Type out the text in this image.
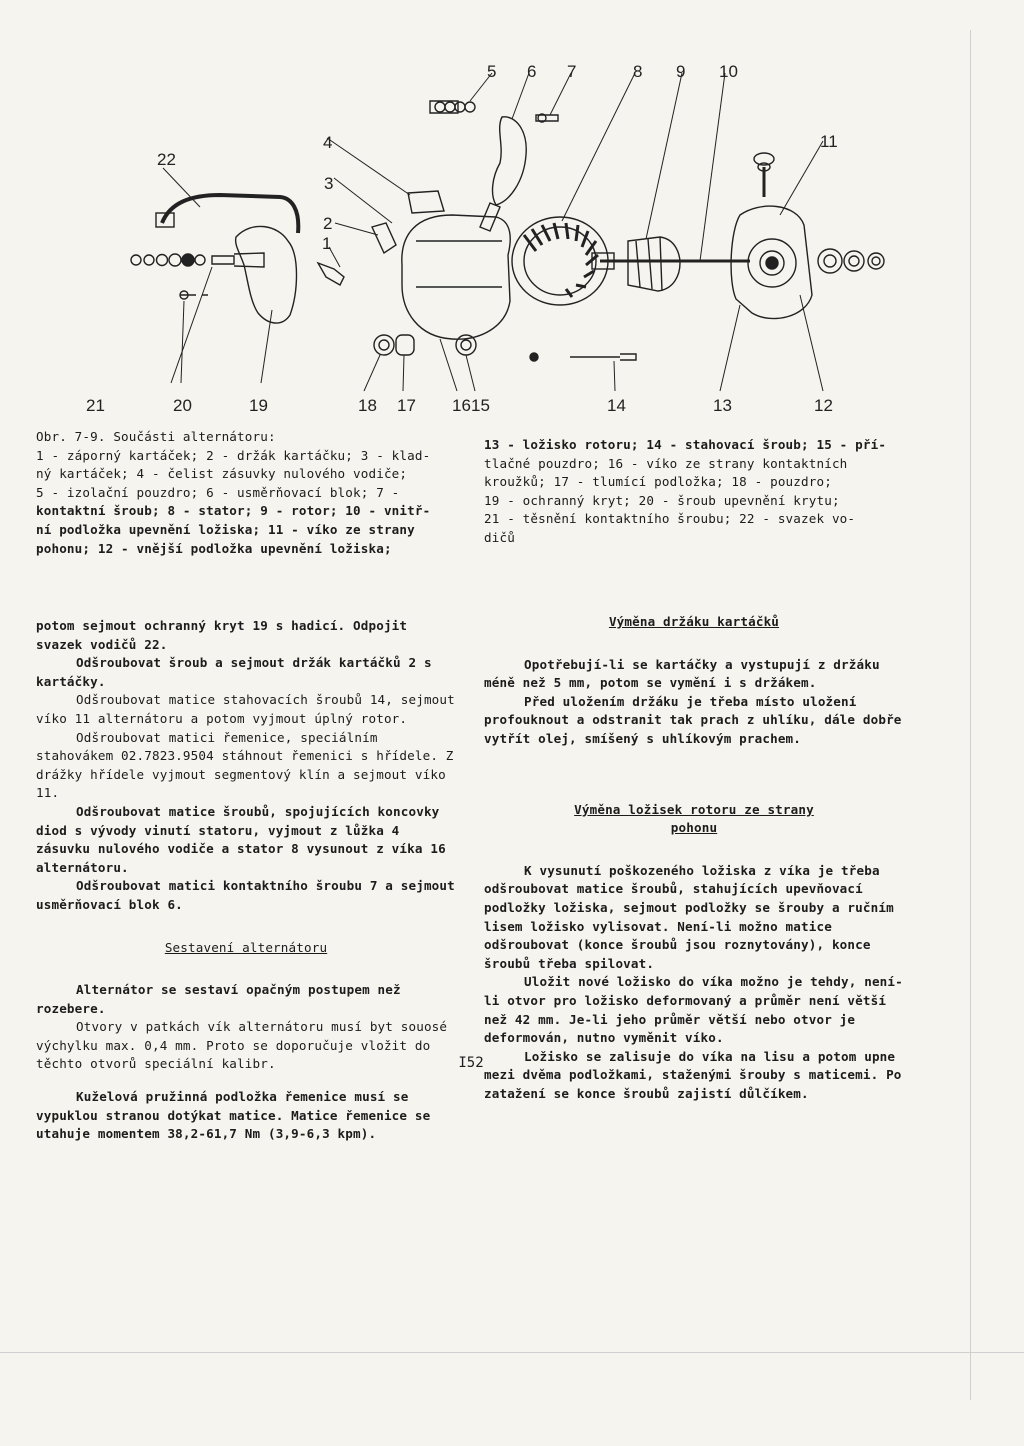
1
2
3
4
5 6 7	8 9 10
11
12
13
14
15
16
17
18
19
20
21
22

Obr. 7-9. Součásti alternátoru:

1 - záporný kartáček; 2 - držák kartáčku; 3 - klad-

ný kartáček; 4 - čelist zásuvky nulového vodiče;

5 - izolační pouzdro; 6 - usměrňovací blok; 7 -

kontaktní šroub; 8 - stator; 9 - rotor; 10 - vnitř-

ní podložka upevnění ložiska; 11 - víko ze strany

pohonu; 12 - vnější podložka upevnění ložiska;

13 - ložisko rotoru; 14 - stahovací šroub; 15 - pří-

tlačné pouzdro; 16 - víko ze strany kontaktních

kroužků; 17 - tlumící podložka; 18 - pouzdro;

19 - ochranný kryt; 20 - šroub upevnění krytu;

21 - těsnění kontaktního šroubu; 22 - svazek vo-

dičů

potom sejmout ochranný kryt 19 s hadicí. Odpojit svazek vodičů 22.

Odšroubovat šroub a sejmout držák kartáčků 2 s kartáčky.

Odšroubovat matice stahovacích šroubů 14, sejmout víko 11 alternátoru a potom vyjmout úplný rotor.

Odšroubovat matici řemenice, speciálním stahovákem 02.7823.9504 stáhnout řemenici s hřídele. Z drážky hřídele vyjmout segmentový klín a sejmout víko 11.

Odšroubovat matice šroubů, spojujících koncovky diod s vývody vinutí statoru, vyjmout z lůžka 4 zásuvku nulového vodiče a stator 8 vysunout z víka 16 alternátoru.

Odšroubovat matici kontaktního šroubu 7 a sejmout usměrňovací blok 6.

Sestavení alternátoru

Alternátor se sestaví opačným postupem než rozebere.

Otvory v patkách vík alternátoru musí byt souosé výchylku max. 0,4 mm. Proto se doporučuje vložit do těchto otvorů speciální kalibr.

Kuželová pružinná podložka řemenice musí se vypuklou stranou dotýkat matice. Matice řemenice se utahuje momentem 38,2-61,7 Nm (3,9-6,3 kpm).

Výměna držáku kartáčků

Opotřebují-li se kartáčky a vystupují z držáku méně než 5 mm, potom se vymění i s držákem.

Před uložením držáku je třeba místo uložení profouknout a odstranit tak prach z uhlíku, dále dobře vytřít olej, smíšený s uhlíkovým prachem.

Výměna ložisek rotoru ze strany pohonu

K vysunutí poškozeného ložiska z víka je třeba odšroubovat matice šroubů, stahujících upevňovací podložky ložiska, sejmout podložky se šrouby a ručním lisem ložisko vylisovat. Není-li možno matice odšroubovat (konce šroubů jsou roznytovány), konce šroubů třeba spilovat.

Uložit nové ložisko do víka možno je tehdy, není-li otvor pro ložisko deformovaný a průměr není větší než 42 mm. Je-li jeho průměr větší nebo otvor je deformován, nutno vyměnit víko.

Ložisko se zalisuje do víka na lisu a potom upne mezi dvěma podložkami, staženými šrouby s maticemi. Po zatažení se konce šroubů zajistí důlčíkem.

I52
